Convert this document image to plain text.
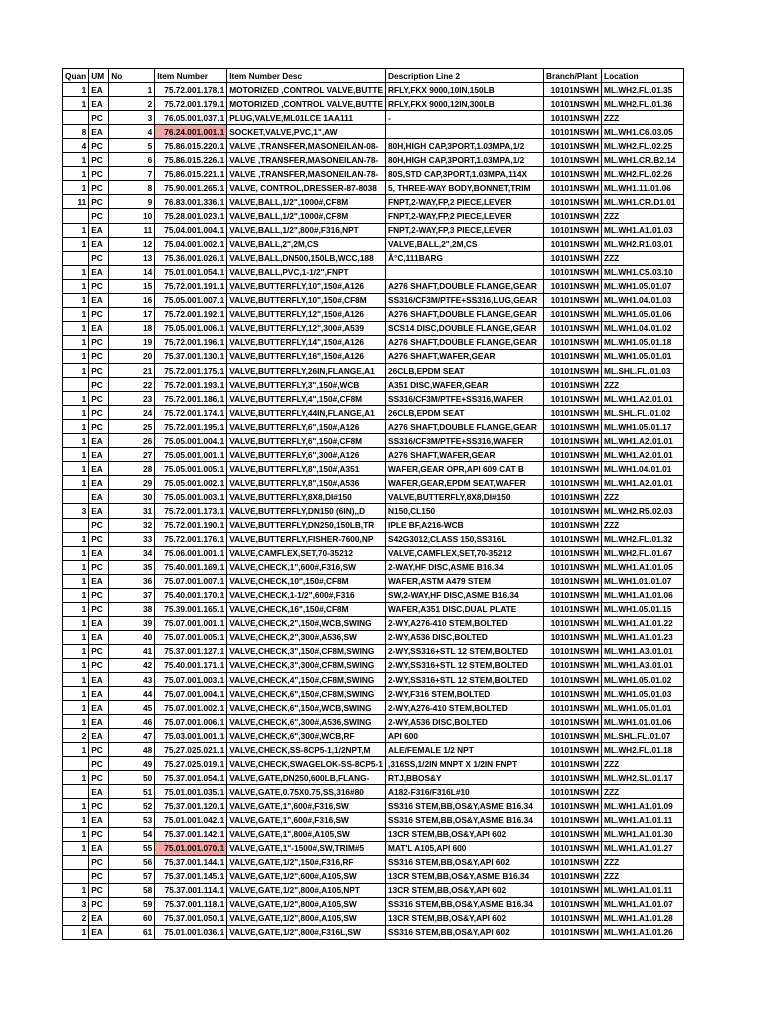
Quan	UM	No	Item Number	Item Number Desc	Description Line 2	Branch/Plant	Location
1	EA	1	75.72.001.178.1	MOTORIZED ,CONTROL VALVE,BUTTE	RFLY,FKX 9000,10IN,150LB	10101NSWH	ML.WH2.FL.01.35
1	EA	2	75.72.001.179.1	MOTORIZED ,CONTROL VALVE,BUTTE	RFLY,FKX 9000,12IN,300LB	10101NSWH	ML.WH2.FL.01.36
	PC	3	76.05.001.037.1	PLUG,VALVE,ML01LCE 1AA111	-	10101NSWH	ZZZ
8	EA	4	76.24.001.001.1	SOCKET,VALVE,PVC,1",AW		10101NSWH	ML.WH1.C6.03.05
4	PC	5	75.86.015.220.1	VALVE ,TRANSFER,MASONEILAN-08-	80H,HIGH CAP,3PORT,1.03MPA,1/2	10101NSWH	ML.WH2.FL.02.25
1	PC	6	75.86.015.226.1	VALVE ,TRANSFER,MASONEILAN-78-	80H,HIGH CAP,3PORT,1.03MPA,1/2	10101NSWH	ML.WH1.CR.B2.14
1	PC	7	75.86.015.221.1	VALVE ,TRANSFER,MASONEILAN-78-	80S,STD CAP,3PORT,1.03MPA,114X	10101NSWH	ML.WH2.FL.02.26
1	PC	8	75.90.001.265.1	VALVE, CONTROL,DRESSER-87-8038	5, THREE-WAY BODY,BONNET,TRIM	10101NSWH	ML.WH1.11.01.06
11	PC	9	76.83.001.336.1	VALVE,BALL,1/2",1000#,CF8M	FNPT,2-WAY,FP,2 PIECE,LEVER	10101NSWH	ML.WH1.CR.D1.01
	PC	10	75.28.001.023.1	VALVE,BALL,1/2",1000#,CF8M	FNPT,2-WAY,FP,2 PIECE,LEVER	10101NSWH	ZZZ
1	EA	11	75.04.001.004.1	VALVE,BALL,1/2",800#,F316,NPT	FNPT,2-WAY,FP,3 PIECE,LEVER	10101NSWH	ML.WH1.A1.01.03
1	EA	12	75.04.001.002.1	VALVE,BALL,2",2M,CS	VALVE,BALL,2",2M,CS	10101NSWH	ML.WH2.R1.03.01
	PC	13	75.36.001.026.1	VALVE,BALL,DN500,150LB,WCC,188	Â°C,111BARG	10101NSWH	ZZZ
1	EA	14	75.01.001.054.1	VALVE,BALL,PVC,1-1/2",FNPT		10101NSWH	ML.WH1.C5.03.10
1	PC	15	75.72.001.191.1	VALVE,BUTTERFLY,10",150#,A126	A276 SHAFT,DOUBLE FLANGE,GEAR	10101NSWH	ML.WH1.05.01.07
1	EA	16	75.05.001.007.1	VALVE,BUTTERFLY,10",150#,CF8M	SS316/CF3M/PTFE+SS316,LUG,GEAR	10101NSWH	ML.WH1.04.01.03
1	PC	17	75.72.001.192.1	VALVE,BUTTERFLY,12",150#,A126	A276 SHAFT,DOUBLE FLANGE,GEAR	10101NSWH	ML.WH1.05.01.06
1	EA	18	75.05.001.006.1	VALVE,BUTTERFLY,12",300#,A539	SCS14 DISC,DOUBLE FLANGE,GEAR	10101NSWH	ML.WH1.04.01.02
1	PC	19	75.72.001.196.1	VALVE,BUTTERFLY,14",150#,A126	A276 SHAFT,DOUBLE FLANGE,GEAR	10101NSWH	ML.WH1.05.01.18
1	PC	20	75.37.001.130.1	VALVE,BUTTERFLY,16",150#,A126	A276 SHAFT,WAFER,GEAR	10101NSWH	ML.WH1.05.01.01
1	PC	21	75.72.001.175.1	VALVE,BUTTERFLY,26IN,FLANGE,A1	26CLB,EPDM SEAT	10101NSWH	ML.SHL.FL.01.03
	PC	22	75.72.001.193.1	VALVE,BUTTERFLY,3",150#,WCB	A351 DISC,WAFER,GEAR	10101NSWH	ZZZ
1	PC	23	75.72.001.186.1	VALVE,BUTTERFLY,4",150#,CF8M	SS316/CF3M/PTFE+SS316,WAFER	10101NSWH	ML.WH1.A2.01.01
1	PC	24	75.72.001.174.1	VALVE,BUTTERFLY,44IN,FLANGE,A1	26CLB,EPDM SEAT	10101NSWH	ML.SHL.FL.01.02
1	PC	25	75.72.001.195.1	VALVE,BUTTERFLY,6",150#,A126	A276 SHAFT,DOUBLE FLANGE,GEAR	10101NSWH	ML.WH1.05.01.17
1	EA	26	75.05.001.004.1	VALVE,BUTTERFLY,6",150#,CF8M	SS316/CF3M/PTFE+SS316,WAFER	10101NSWH	ML.WH1.A2.01.01
1	EA	27	75.05.001.001.1	VALVE,BUTTERFLY,6",300#,A126	A276 SHAFT,WAFER,GEAR	10101NSWH	ML.WH1.A2.01.01
1	EA	28	75.05.001.005.1	VALVE,BUTTERFLY,8",150#,A351	WAFER,GEAR OPR,API 609 CAT B	10101NSWH	ML.WH1.04.01.01
1	EA	29	75.05.001.002.1	VALVE,BUTTERFLY,8",150#,A536	WAFER,GEAR,EPDM SEAT,WAFER	10101NSWH	ML.WH1.A2.01.01
	EA	30	75.05.001.003.1	VALVE,BUTTERFLY,8X8,DI#150	VALVE,BUTTERFLY,8X8,DI#150	10101NSWH	ZZZ
3	EA	31	75.72.001.173.1	VALVE,BUTTERFLY,DN150 (6IN),,D	N150,CL150	10101NSWH	ML.WH2.R5.02.03
	PC	32	75.72.001.190.1	VALVE,BUTTERFLY,DN250,150LB,TR	IPLE BF,A216-WCB	10101NSWH	ZZZ
1	PC	33	75.72.001.176.1	VALVE,BUTTERFLY,FISHER-7600,NP	S42G3012,CLASS 150,SS316L	10101NSWH	ML.WH2.FL.01.32
1	EA	34	75.06.001.001.1	VALVE,CAMFLEX,SET,70-35212	VALVE,CAMFLEX,SET,70-35212	10101NSWH	ML.WH2.FL.01.67
1	PC	35	75.40.001.169.1	VALVE,CHECK,1",600#,F316,SW	2-WAY,HF DISC,ASME B16.34	10101NSWH	ML.WH1.A1.01.05
1	EA	36	75.07.001.007.1	VALVE,CHECK,10",150#,CF8M	WAFER,ASTM A479 STEM	10101NSWH	ML.WH1.01.01.07
1	PC	37	75.40.001.170.1	VALVE,CHECK,1-1/2",600#,F316	SW,2-WAY,HF DISC,ASME B16.34	10101NSWH	ML.WH1.A1.01.06
1	PC	38	75.39.001.165.1	VALVE,CHECK,16",150#,CF8M	WAFER,A351 DISC,DUAL PLATE	10101NSWH	ML.WH1.05.01.15
1	EA	39	75.07.001.001.1	VALVE,CHECK,2",150#,WCB,SWING	2-WY,A276-410 STEM,BOLTED	10101NSWH	ML.WH1.A1.01.22
1	EA	40	75.07.001.005.1	VALVE,CHECK,2",300#,A536,SW	2-WY,A536 DISC,BOLTED	10101NSWH	ML.WH1.A1.01.23
1	PC	41	75.37.001.127.1	VALVE,CHECK,3",150#,CF8M,SWING	2-WY,SS316+STL 12 STEM,BOLTED	10101NSWH	ML.WH1.A3.01.01
1	PC	42	75.40.001.171.1	VALVE,CHECK,3",300#,CF8M,SWING	2-WY,SS316+STL 12 STEM,BOLTED	10101NSWH	ML.WH1.A3.01.01
1	EA	43	75.07.001.003.1	VALVE,CHECK,4",150#,CF8M,SWING	2-WY,SS316+STL 12 STEM,BOLTED	10101NSWH	ML.WH1.05.01.02
1	EA	44	75.07.001.004.1	VALVE,CHECK,6",150#,CF8M,SWING	2-WY,F316 STEM,BOLTED	10101NSWH	ML.WH1.05.01.03
1	EA	45	75.07.001.002.1	VALVE,CHECK,6",150#,WCB,SWING	2-WY,A276-410 STEM,BOLTED	10101NSWH	ML.WH1.05.01.01
1	EA	46	75.07.001.006.1	VALVE,CHECK,6",300#,A536,SWING	2-WY,A536 DISC,BOLTED	10101NSWH	ML.WH1.01.01.06
2	EA	47	75.03.001.001.1	VALVE,CHECK,6",300#,WCB,RF	API 600	10101NSWH	ML.SHL.FL.01.07
1	PC	48	75.27.025.021.1	VALVE,CHECK,SS-8CP5-1,1/2NPT,M	ALE/FEMALE 1/2 NPT	10101NSWH	ML.WH2.FL.01.18
	PC	49	75.27.025.019.1	VALVE,CHECK,SWAGELOK-SS-8CP5-1	,316SS,1/2IN MNPT X 1/2IN FNPT	10101NSWH	ZZZ
1	PC	50	75.37.001.054.1	VALVE,GATE,DN250,600LB,FLANG-	RTJ,BBOS&Y	10101NSWH	ML.WH2.SL.01.17
	EA	51	75.01.001.035.1	VALVE,GATE,0.75X0.75,SS,316#80	A182-F316/F316L#10	10101NSWH	ZZZ
1	PC	52	75.37.001.120.1	VALVE,GATE,1",600#,F316,SW	SS316 STEM,BB,OS&Y,ASME B16.34	10101NSWH	ML.WH1.A1.01.09
1	EA	53	75.01.001.042.1	VALVE,GATE,1",600#,F316,SW	SS316 STEM,BB,OS&Y,ASME B16.34	10101NSWH	ML.WH1.A1.01.11
1	PC	54	75.37.001.142.1	VALVE,GATE,1",800#,A105,SW	13CR STEM,BB,OS&Y,API 602	10101NSWH	ML.WH1.A1.01.30
1	EA	55	75.01.001.070.1	VALVE,GATE,1"-1500#,SW,TRIM#5	MAT'L A105,API 600	10101NSWH	ML.WH1.A1.01.27
	PC	56	75.37.001.144.1	VALVE,GATE,1/2",150#,F316,RF	SS316 STEM,BB,OS&Y,API 602	10101NSWH	ZZZ
	PC	57	75.37.001.145.1	VALVE,GATE,1/2",600#,A105,SW	13CR STEM,BB,OS&Y,ASME B16.34	10101NSWH	ZZZ
1	PC	58	75.37.001.114.1	VALVE,GATE,1/2",800#,A105,NPT	13CR STEM,BB,OS&Y,API 602	10101NSWH	ML.WH1.A1.01.11
3	PC	59	75.37.001.118.1	VALVE,GATE,1/2",800#,A105,SW	SS316 STEM,BB,OS&Y,ASME B16.34	10101NSWH	ML.WH1.A1.01.07
2	EA	60	75.37.001.050.1	VALVE,GATE,1/2",800#,A105,SW	13CR STEM,BB,OS&Y,API 602	10101NSWH	ML.WH1.A1.01.28
1	EA	61	75.01.001.036.1	VALVE,GATE,1/2",800#,F316L,SW	SS316 STEM,BB,OS&Y,API 602	10101NSWH	ML.WH1.A1.01.26
